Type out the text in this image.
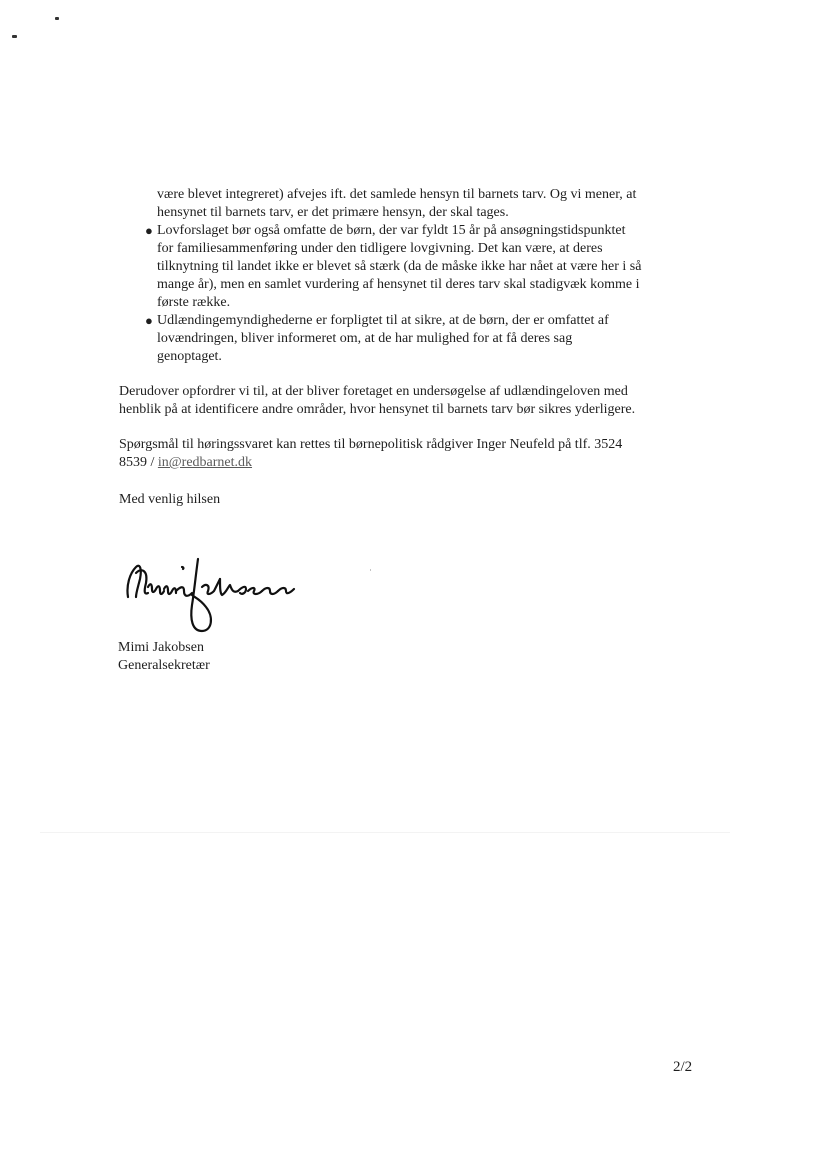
være blevet integreret) afvejes ift. det samlede hensyn til barnets tarv. Og vi mener, at
hensynet til barnets tarv, er det primære hensyn, der skal tages.

● Lovforslaget bør også omfatte de børn, der var fyldt 15 år på ansøgningstidspunktet
for familiesammenføring under den tidligere lovgivning. Det kan være, at deres
tilknytning til landet ikke er blevet så stærk (da de måske ikke har nået at være her i så
mange år), men en samlet vurdering af hensynet til deres tarv skal stadigvæk komme i
første række.
● Udlændingemyndighederne er forpligtet til at sikre, at de børn, der er omfattet af
lovændringen, bliver informeret om, at de har mulighed for at få deres sag
genoptaget.

Derudover opfordrer vi til, at der bliver foretaget en undersøgelse af udlændingeloven med
henblik på at identificere andre områder, hvor hensynet til barnets tarv bør sikres yderligere.

Spørgsmål til høringssvaret kan rettes til børnepolitisk rådgiver Inger Neufeld på tlf. 3524
8539 / in@redbarnet.dk

Med venlig hilsen

Mimi Jakobsen
Generalsekretær
2/2
